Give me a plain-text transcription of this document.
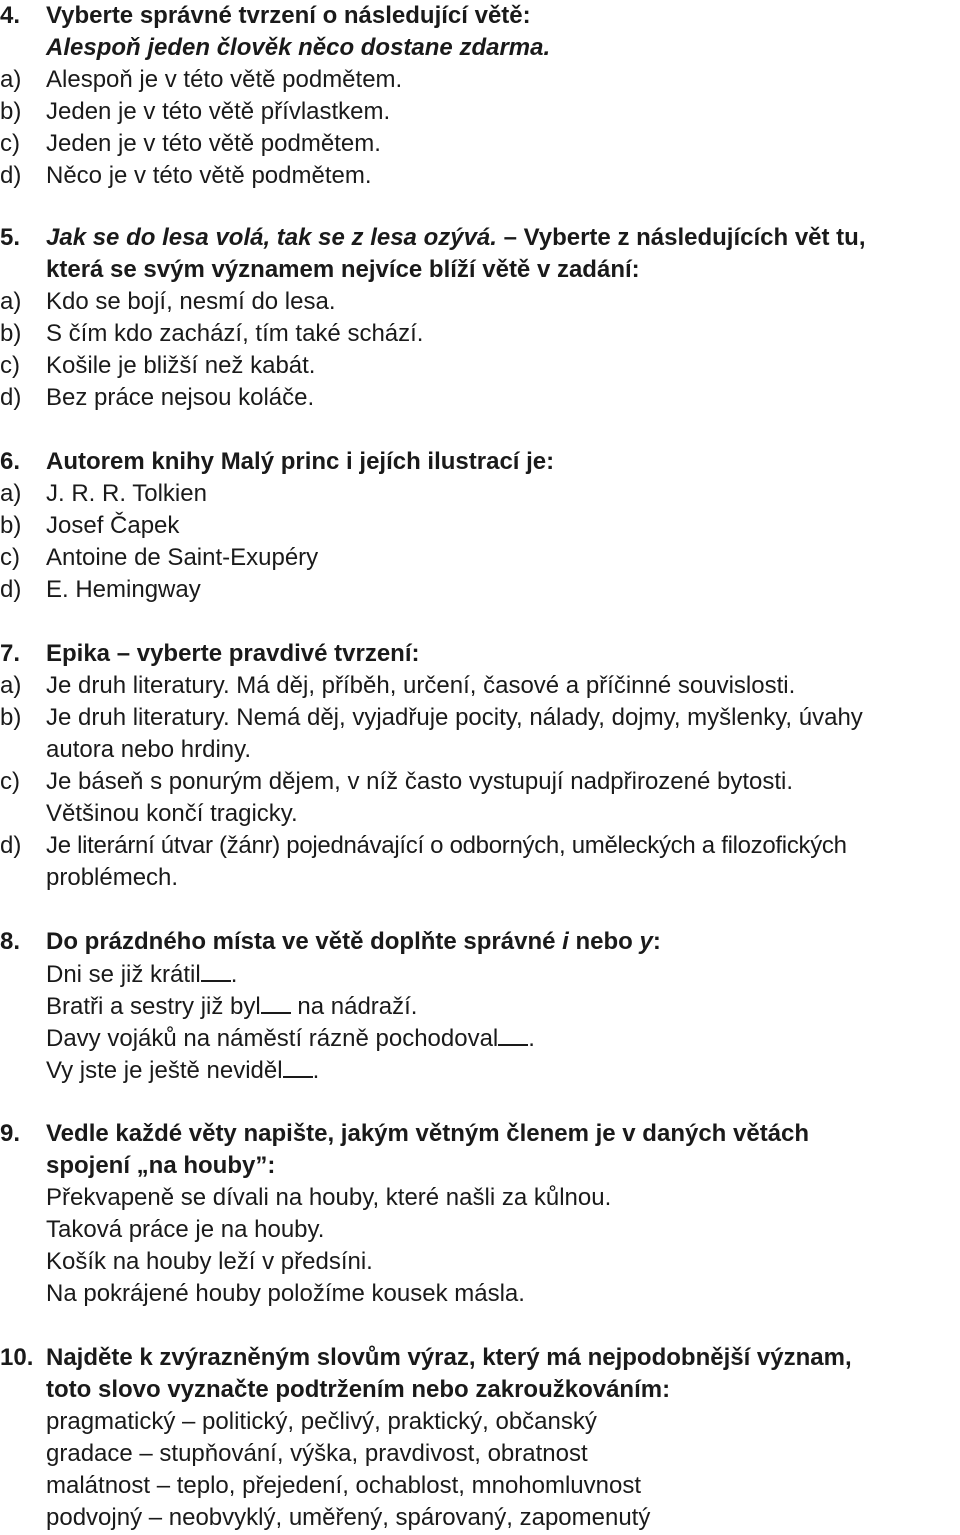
4.	Vyberte správné tvrzení o následující větě:
Alespoň jeden člověk něco dostane zdarma.
a)	Alespoň je v této větě podmětem.
b)	Jeden je v této větě přívlastkem.
c)	Jeden je v této větě podmětem.
d)	Něco je v této větě podmětem.
5.	Jak se do lesa volá, tak se z lesa ozývá. – Vyberte z následujících vět tu,
která se svým významem nejvíce blíží větě v zadání:
a)	Kdo se bojí, nesmí do lesa.
b)	S čím kdo zachází, tím také schází.
c)	Košile je bližší než kabát.
d)	Bez práce nejsou koláče.
6.	Autorem knihy Malý princ i jejích ilustrací je:
a)	J. R. R. Tolkien
b)	Josef Čapek
c)	Antoine de Saint-Exupéry
d)	E. Hemingway
7.	Epika – vyberte pravdivé tvrzení:
a)	Je druh literatury. Má děj, příběh, určení, časové a příčinné souvislosti.
b)	Je druh literatury. Nemá děj, vyjadřuje pocity, nálady, dojmy, myšlenky, úvahy
autora nebo hrdiny.
c)	Je báseň s ponurým dějem, v níž často vystupují nadpřirozené bytosti.
Většinou končí tragicky.
d)	Je literární útvar (žánr) pojednávající o odborných, uměleckých a filozofických
problémech.
8.	Do prázdného místa ve větě doplňte správné i nebo y:
Dni se již krátil .
Bratři a sestry již byl na nádraží.
Davy vojáků na náměstí rázně pochodoval .
Vy jste je ještě neviděl .
9.	Vedle každé věty napište, jakým větným členem je v daných větách
spojení „na houby”:
Překvapeně se dívali na houby, které našli za kůlnou.
Taková práce je na houby.
Košík na houby leží v předsíni.
Na pokrájené houby položíme kousek másla.
10. Najděte k zvýrazněným slovům výraz, který má nejpodobnější význam,
toto slovo vyznačte podtržením nebo zakroužkováním:
pragmatický – politický, pečlivý, praktický, občanský
gradace – stupňování, výška, pravdivost, obratnost
malátnost – teplo, přejedení, ochablost, mnohomluvnost
podvojný – neobvyklý, uměřený, spárovaný, zapomenutý
